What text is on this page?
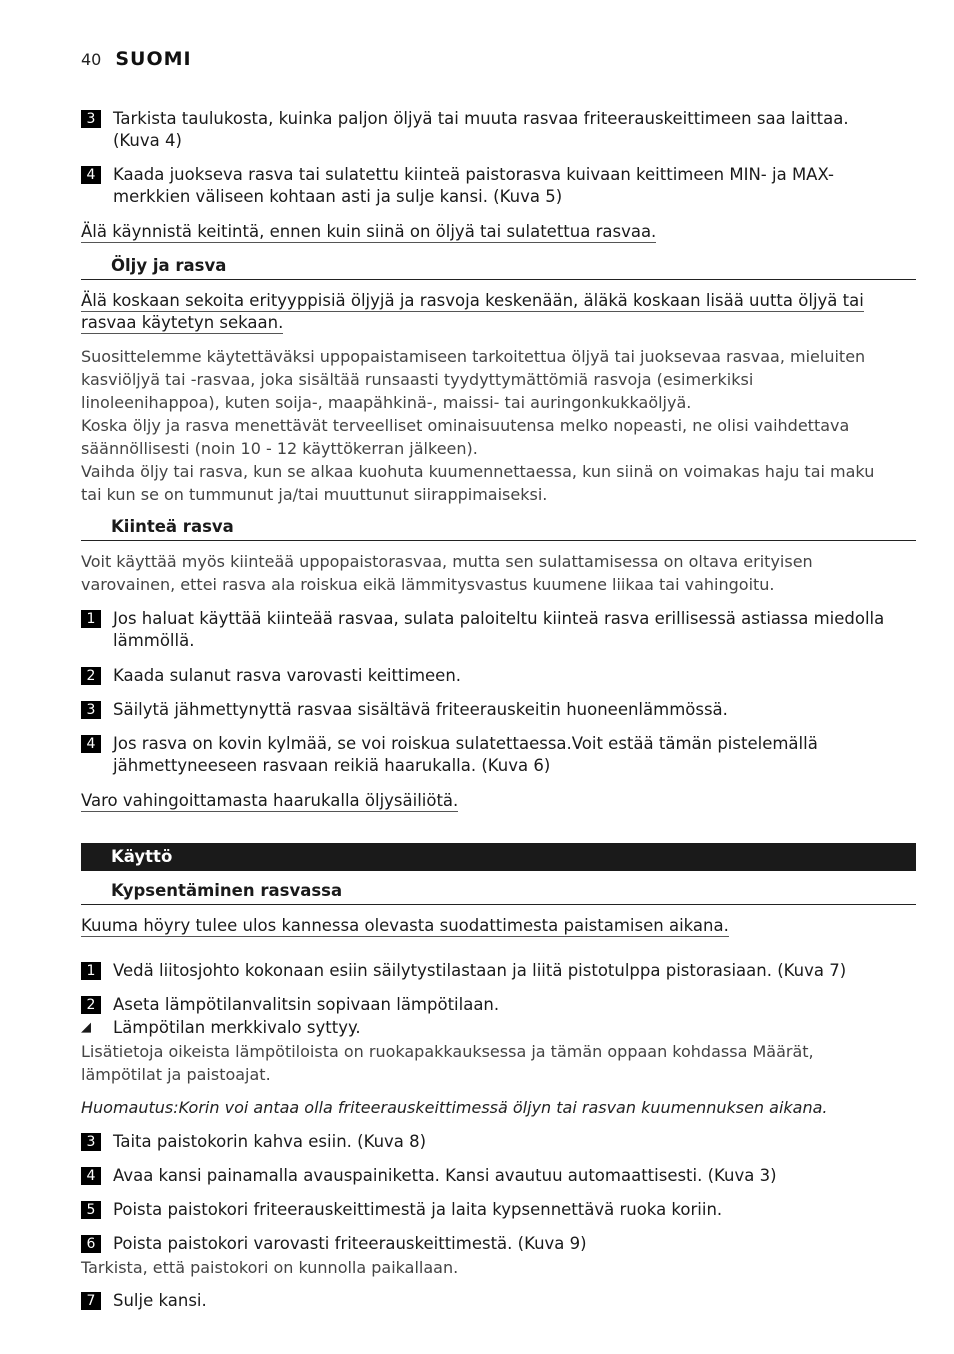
40 SUOMI
3	Tarkista taulukosta, kuinka paljon öljyä tai muuta rasvaa friteerauskeittimeen saa laittaa. (Kuva 4)
4	Kaada juokseva rasva tai sulatettu kiinteä paistorasva kuivaan keittimeen MIN- ja MAX-merkkien väliseen kohtaan asti ja sulje kansi. (Kuva 5)
Älä käynnistä keitintä, ennen kuin siinä on öljyä tai sulatettua rasvaa.
Öljy ja rasva
Älä koskaan sekoita erityyppisiä öljyjä ja rasvoja keskenään, äläkä koskaan lisää uutta öljyä tai
rasvaa käytetyn sekaan.
Suosittelemme käytettäväksi uppopaistamiseen tarkoitettua öljyä tai juoksevaa rasvaa, mieluiten kasviöljyä tai -rasvaa, joka sisältää runsaasti tyydyttymättömiä rasvoja (esimerkiksi linoleenihappoa), kuten soija-, maapähkinä-, maissi- tai auringonkukkaöljyä.
Koska öljy ja rasva menettävät terveelliset ominaisuutensa melko nopeasti, ne olisi vaihdettava säännöllisesti (noin 10 - 12 käyttökerran jälkeen).
Vaihda öljy tai rasva, kun se alkaa kuohuta kuumennettaessa, kun siinä on voimakas haju tai maku tai kun se on tummunut ja/tai muuttunut siirappimaiseksi.
Kiinteä rasva
Voit käyttää myös kiinteää uppopaistorasvaa, mutta sen sulattamisessa on oltava erityisen varovainen, ettei rasva ala roiskua eikä lämmitysvastus kuumene liikaa tai vahingoitu.
1	Jos haluat käyttää kiinteää rasvaa, sulata paloiteltu kiinteä rasva erillisessä astiassa miedolla lämmöllä.
2	Kaada sulanut rasva varovasti keittimeen.
3	Säilytä jähmettynyttä rasvaa sisältävä friteerauskeitin huoneenlämmössä.
4	Jos rasva on kovin kylmää, se voi roiskua sulatettaessa.Voit estää tämän pistelemällä jähmettyneeseen rasvaan reikiä haarukalla. (Kuva 6)
Varo vahingoittamasta haarukalla öljysäiliötä.
Käyttö
Kypsentäminen rasvassa
Kuuma höyry tulee ulos kannessa olevasta suodattimesta paistamisen aikana.
1	Vedä liitosjohto kokonaan esiin säilytystilastaan ja liitä pistotulppa pistorasiaan. (Kuva 7)
2	Aseta lämpötilanvalitsin sopivaan lämpötilaan.
◢	Lämpötilan merkkivalo syttyy.
Lisätietoja oikeista lämpötiloista on ruokapakkauksessa ja tämän oppaan kohdassa Määrät, lämpötilat ja paistoajat.
Huomautus:Korin voi antaa olla friteerauskeittimessä öljyn tai rasvan kuumennuksen aikana.
3	Taita paistokorin kahva esiin. (Kuva 8)
4	Avaa kansi painamalla avauspainiketta. Kansi avautuu automaattisesti. (Kuva 3)
5	Poista paistokori friteerauskeittimestä ja laita kypsennettävä ruoka koriin.
6	Poista paistokori varovasti friteerauskeittimestä. (Kuva 9)
Tarkista, että paistokori on kunnolla paikallaan.
7	Sulje kansi.
